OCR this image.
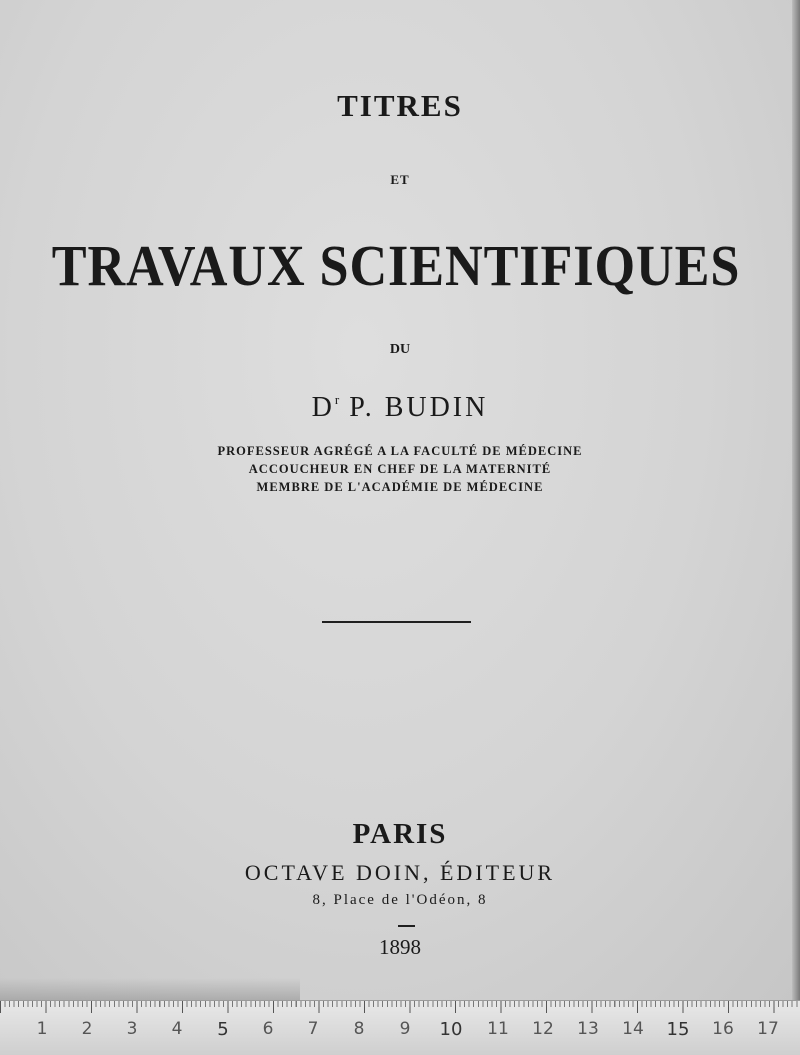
TITRES
ET
TRAVAUX SCIENTIFIQUES
DU
$D^r$ P. BUDIN
PROFESSEUR AGRÉGÉ A LA FACULTÉ DE MÉDECINE
ACCOUCHEUR EN CHEF DE LA MATERNITÉ
MEMBRE DE L'ACADÉMIE DE MÉDECINE
PARIS
OCTAVE DOIN, ÉDITEUR
8, Place de l'Odéon, 8
1898
1	2	3	4	5	6	7	8	9	10 11 12 13 14 15 16 17
